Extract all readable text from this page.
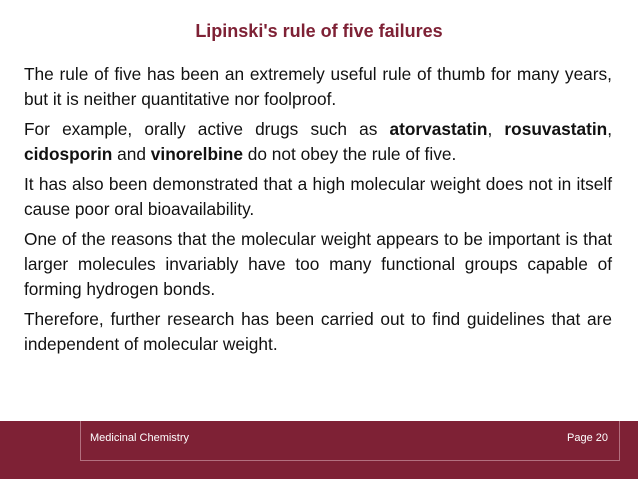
Lipinski's rule of five failures

The rule of five has been an extremely useful rule of thumb for many years, but it is neither quantitative nor foolproof.

For example, orally active drugs such as atorvastatin, rosuvastatin, cidosporin and vinorelbine do not obey the rule of five.

It has also been demonstrated that a high molecular weight does not in itself cause poor oral bioavailability.

One of the reasons that the molecular weight appears to be important is that larger molecules invariably have too many functional groups capable of forming hydrogen bonds.

Therefore, further research has been carried out to find guidelines that are independent of molecular weight.

Medicinal Chemistry	Page 20
